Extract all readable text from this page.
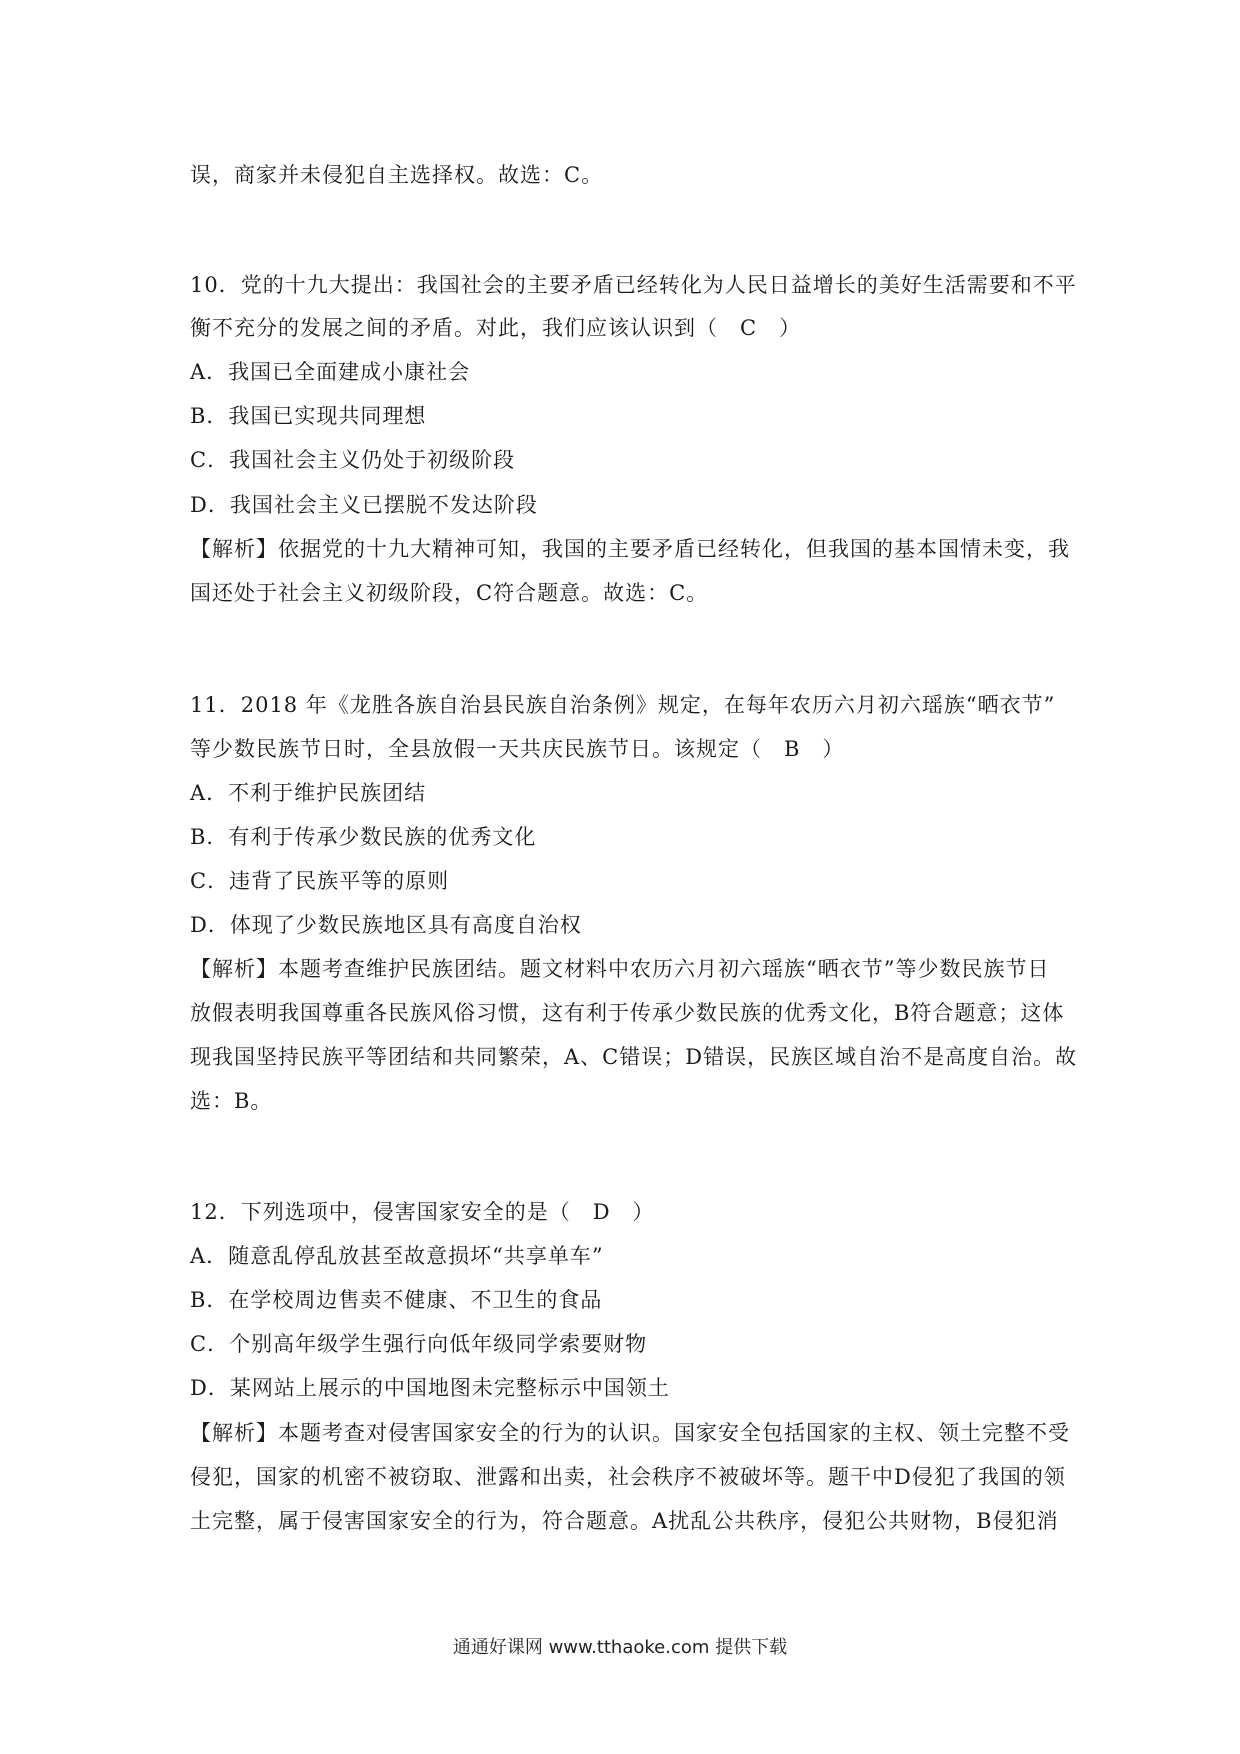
误，商家并未侵犯自主选择权。故选：C。
10．党的十九大提出：我国社会的主要矛盾已经转化为人民日益增长的美好生活需要和不平
衡不充分的发展之间的矛盾。对此，我们应该认识到（　C　）
A．我国已全面建成小康社会
B．我国已实现共同理想
C．我国社会主义仍处于初级阶段
D．我国社会主义已摆脱不发达阶段
【解析】依据党的十九大精神可知，我国的主要矛盾已经转化，但我国的基本国情未变，我
国还处于社会主义初级阶段，C符合题意。故选：C。
11．2018 年《龙胜各族自治县民族自治条例》规定，在每年农历六月初六瑶族“晒衣节”
等少数民族节日时，全县放假一天共庆民族节日。该规定（　B　）
A．不利于维护民族团结
B．有利于传承少数民族的优秀文化
C．违背了民族平等的原则
D．体现了少数民族地区具有高度自治权
【解析】本题考查维护民族团结。题文材料中农历六月初六瑶族“晒衣节”等少数民族节日
放假表明我国尊重各民族风俗习惯，这有利于传承少数民族的优秀文化，B符合题意；这体
现我国坚持民族平等团结和共同繁荣，A、C错误；D错误，民族区域自治不是高度自治。故
选：B。
12．下列选项中，侵害国家安全的是（　D　）
A．随意乱停乱放甚至故意损坏“共享单车”
B．在学校周边售卖不健康、不卫生的食品
C．个别高年级学生强行向低年级同学索要财物
D．某网站上展示的中国地图未完整标示中国领土
【解析】本题考查对侵害国家安全的行为的认识。国家安全包括国家的主权、领土完整不受
侵犯，国家的机密不被窃取、泄露和出卖，社会秩序不被破坏等。题干中D侵犯了我国的领
土完整，属于侵害国家安全的行为，符合题意。A扰乱公共秩序，侵犯公共财物，B侵犯消
通通好课网 www.tthaoke.com 提供下载
